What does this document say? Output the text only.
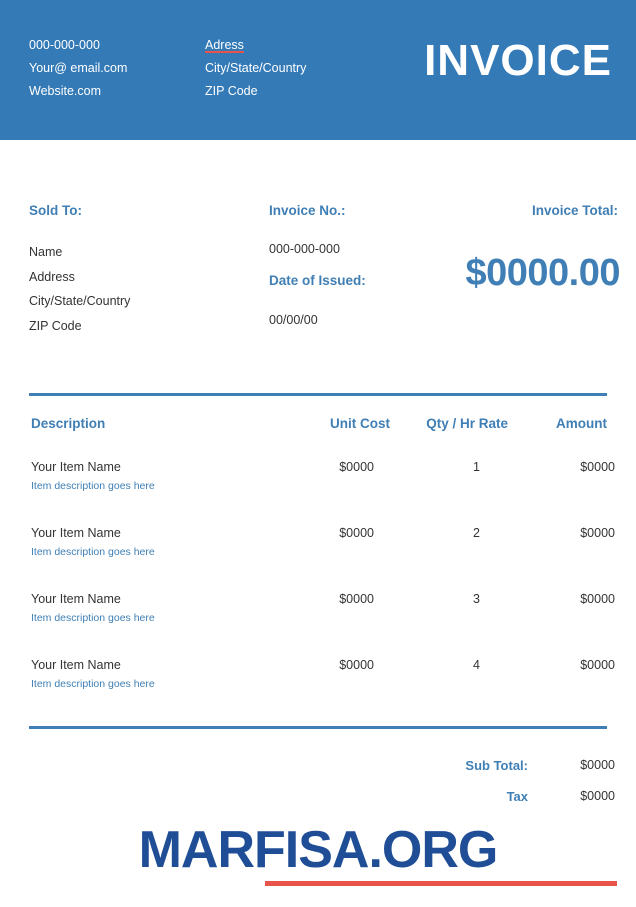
000-000-000
Your@ email.com
Website.com
Adress
City/State/Country
ZIP Code
INVOICE
Sold To:
Name
Address
City/State/Country
ZIP Code
Invoice No.:
000-000-000
Date of Issued:
00/00/00
Invoice Total:
$0000.00
Description	Unit Cost	Qty / Hr Rate	Amount
Your Item Name
Item description goes here
$0000	1	$0000
Your Item Name
Item description goes here
$0000	2	$0000
Your Item Name
Item description goes here
$0000	3	$0000
Your Item Name
Item description goes here
$0000	4	$0000
Sub Total:	$0000
Tax	$0000
MARFISA.ORG
